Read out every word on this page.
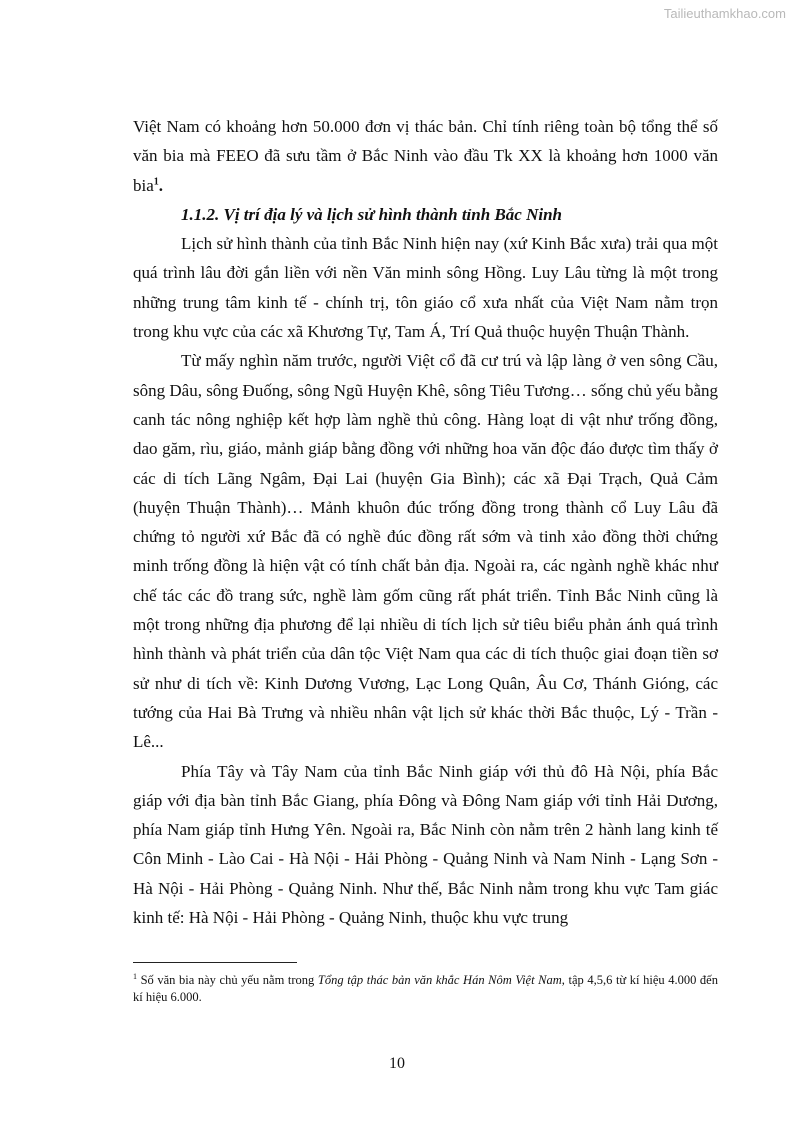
Tailieuthamkhao.com

Việt Nam có khoảng hơn 50.000 đơn vị thác bản. Chỉ tính riêng toàn bộ tổng thể số văn bia mà FEEO đã sưu tầm ở Bắc Ninh vào đầu Tk XX là khoảng hơn 1000 văn bia$^1$.

1.1.2. Vị trí địa lý và lịch sử hình thành tỉnh Bắc Ninh

Lịch sử hình thành của tỉnh Bắc Ninh hiện nay (xứ Kinh Bắc xưa) trải qua một quá trình lâu đời gắn liền với nền Văn minh sông Hồng. Luy Lâu từng là một trong những trung tâm kinh tế - chính trị, tôn giáo cổ xưa nhất của Việt Nam nằm trọn trong khu vực của các xã Khương Tự, Tam Á, Trí Quả thuộc huyện Thuận Thành.

Từ mấy nghìn năm trước, người Việt cổ đã cư trú và lập làng ở ven sông Cầu, sông Dâu, sông Đuống, sông Ngũ Huyện Khê, sông Tiêu Tương… sống chủ yếu bằng canh tác nông nghiệp kết hợp làm nghề thủ công. Hàng loạt di vật như trống đồng, dao găm, rìu, giáo, mảnh giáp bằng đồng với những hoa văn độc đáo được tìm thấy ở các di tích Lãng Ngâm, Đại Lai (huyện Gia Bình); các xã Đại Trạch, Quả Cảm (huyện Thuận Thành)… Mảnh khuôn đúc trống đồng trong thành cổ Luy Lâu đã chứng tỏ người xứ Bắc đã có nghề đúc đồng rất sớm và tinh xảo đồng thời chứng minh trống đồng là hiện vật có tính chất bản địa. Ngoài ra, các ngành nghề khác như chế tác các đồ trang sức, nghề làm gốm cũng rất phát triển. Tỉnh Bắc Ninh cũng là một trong những địa phương để lại nhiều di tích lịch sử tiêu biểu phản ánh quá trình hình thành và phát triển của dân tộc Việt Nam qua các di tích thuộc giai đoạn tiền sơ sử như di tích về: Kinh Dương Vương, Lạc Long Quân, Âu Cơ, Thánh Gióng, các tướng của Hai Bà Trưng và nhiều nhân vật lịch sử khác thời Bắc thuộc, Lý - Trần - Lê...

Phía Tây và Tây Nam của tỉnh Bắc Ninh giáp với thủ đô Hà Nội, phía Bắc giáp với địa bàn tỉnh Bắc Giang, phía Đông và Đông Nam giáp với tỉnh Hải Dương, phía Nam giáp tỉnh Hưng Yên. Ngoài ra, Bắc Ninh còn nằm trên 2 hành lang kinh tế Côn Minh - Lào Cai - Hà Nội - Hải Phòng - Quảng Ninh và Nam Ninh - Lạng Sơn - Hà Nội - Hải Phòng - Quảng Ninh. Như thế, Bắc Ninh nằm trong khu vực Tam giác kinh tế: Hà Nội - Hải Phòng - Quảng Ninh, thuộc khu vực trung

$^1$ Số văn bia này chủ yếu nằm trong Tổng tập thác bản văn khắc Hán Nôm Việt Nam, tập 4,5,6 từ kí hiệu 4.000 đến kí hiệu 6.000.
10
